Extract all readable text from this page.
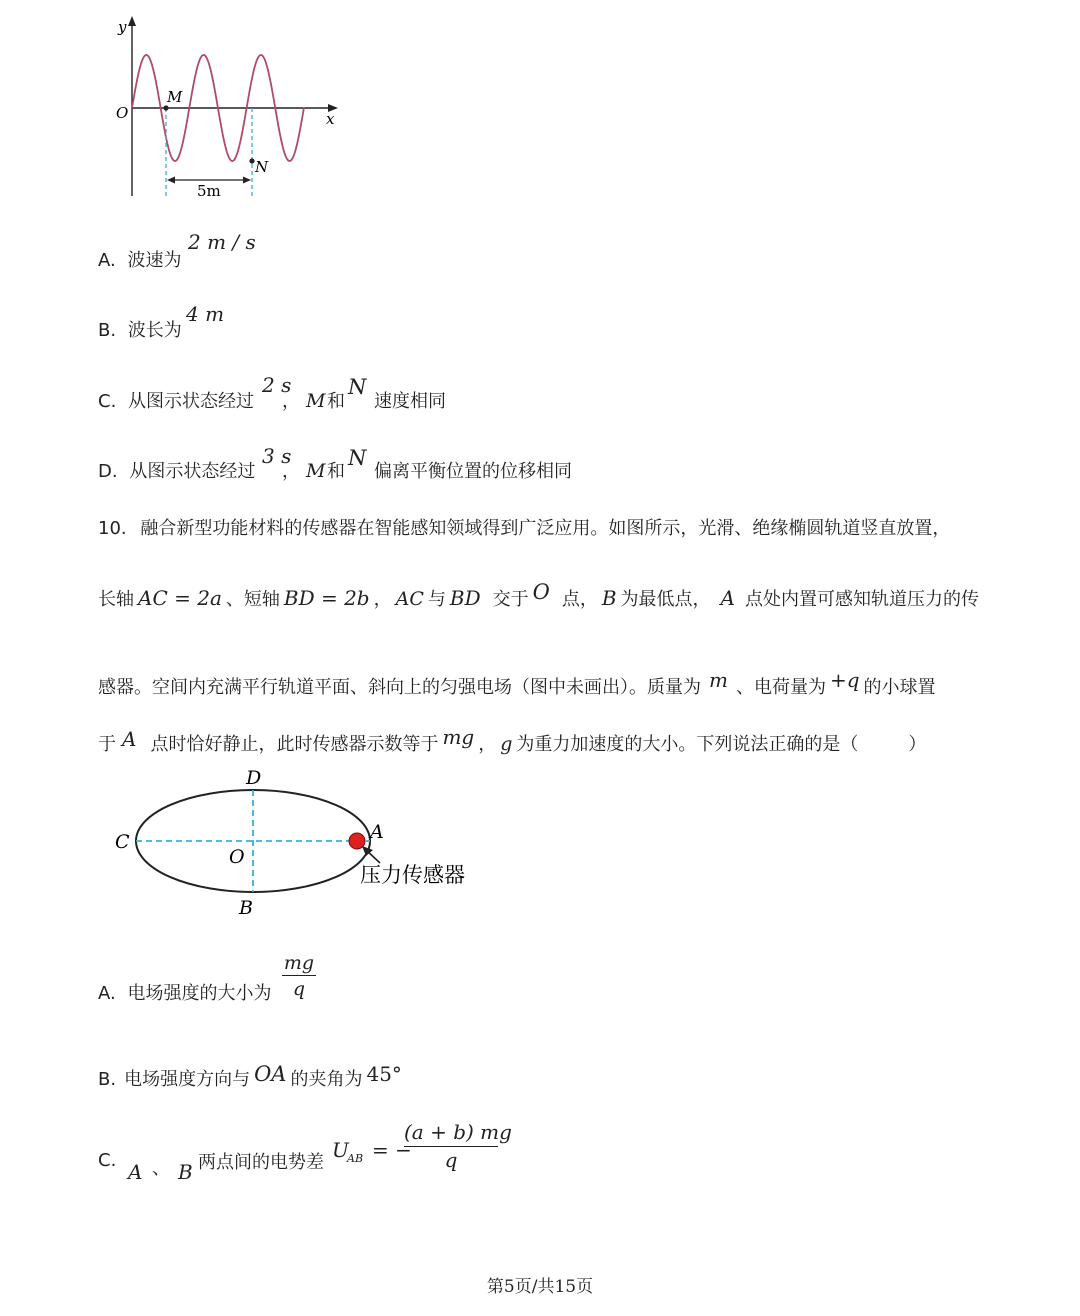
y
x
O
M
N
5m
A. 波速为
2 m / s
B. 波长为
4 m
C. 从图示状态经过
2 s
， M 和
N
速度相同
D. 从图示状态经过
3 s
， M 和
N
偏离平衡位置的位移相同
10. 融合新型功能材料的传感器在智能感知领域得到广泛应用。如图所示，光滑、绝缘椭圆轨道竖直放置，
长轴 AC = 2a 、短轴 BD = 2b ， AC 与 BD 交于 O 点， B 为最低点， A 点处内置可感知轨道压力的传
感器。空间内充满平行轨道平面、斜向上的匀强电场（图中未画出）。质量为 m 、电荷量为 +q 的小球置
于 A 点时恰好静止，此时传感器示数等于 mg ， g 为重力加速度的大小。下列说法正确的是（	）
D
C	A
O
B
压力传感器
A. 电场强度的大小为
mg
q
B. 电场强度方向与 OA 的夹角为 45°
C. A 、 B 两点间的电势差
U
AB = −
(a + b) mg
q
第5页/共15页
